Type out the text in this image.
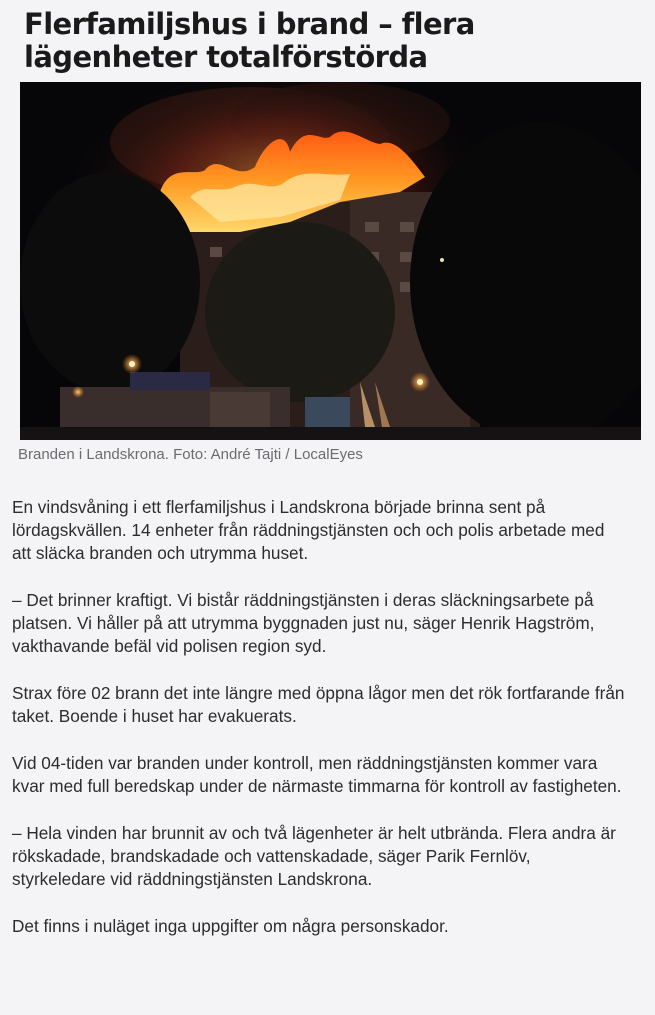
Flerfamiljshus i brand – flera lägenheter totalförstörda
Branden i Landskrona. Foto: André Tajti / LocalEyes

En vindsvåning i ett flerfamiljshus i Landskrona började brinna sent på lördagskvällen. 14 enheter från räddningstjänsten och och polis arbetade med att släcka branden och utrymma huset.

– Det brinner kraftigt. Vi bistår räddningstjänsten i deras släckningsarbete på platsen. Vi håller på att utrymma byggnaden just nu, säger Henrik Hagström, vakthavande befäl vid polisen region syd.

Strax före 02 brann det inte längre med öppna lågor men det rök fortfarande från taket. Boende i huset har evakuerats.

Vid 04-tiden var branden under kontroll, men räddningstjänsten kommer vara kvar med full beredskap under de närmaste timmarna för kontroll av fastigheten.

– Hela vinden har brunnit av och två lägenheter är helt utbrända. Flera andra är rökskadade, brandskadade och vattenskadade, säger Parik Fernlöv, styrkeledare vid räddningstjänsten Landskrona.

Det finns i nuläget inga uppgifter om några personskador.
